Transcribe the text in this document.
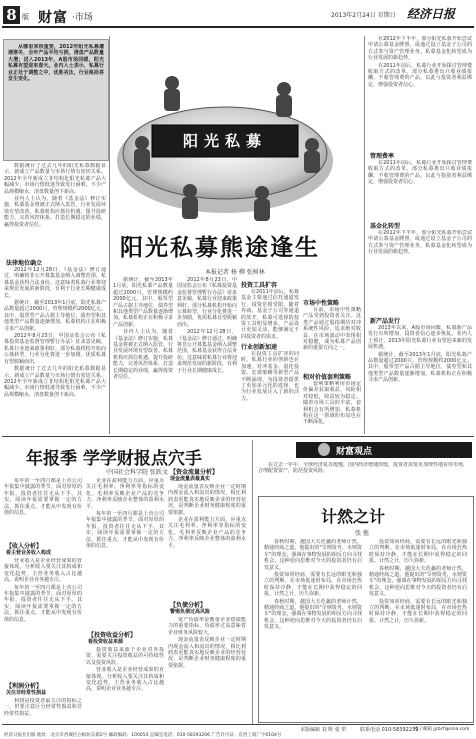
8 版 财富 ·市场	2013年2月24日 星期日 经济日报
从哪里来很重要，2012年阳光私募遭遇寒冬，全年产品平均亏损，清盘产品数量大增；进入2013年，A股市场回暖，阳光私募有望迎来春天。业内人士表示，私募行业正处于调整之中，优胜劣汰，行业格局将发生变化。

数据统计了过去几年的阳光私募数据显示，新成立产品数量与市场行情有密切关系。2012年全年新成立非结构化阳光私募产品大幅减少，市场行情低迷导致发行困难，不少产品规模缩水，清盘数量创下新高。

业内人士认为，随着《基金法》修订实施，私募基金将被正式纳入监管，行业发展环境有望改善。私募机构应抓住机遇，提升投研能力，完善风控体系，打造长期稳定的业绩，赢得投资者信任。

法律地位确立

2012年12月28日，《基金法》修订通过，明确将非公开募集基金纳入调整范围，私募基金获得合法身份。这意味着私募行业将迎来规范发展的新阶段，有利于行业长期健康成长。

据统计，截至2013年1月底，阳光私募产品数量超过2000只，管理规模约2000亿元。其中，股票型产品占据主导地位，债券型和其他类型产品数量逐渐增加。私募机构正在积极寻求产品创新。

2012年8月23日，中国证监会公布《私募投资基金监督管理暂行办法》征求意见稿，私募行业迎来政策利好。部分私募机构开始向公募转型，行业分化将进一步加剧，优质私募有望脱颖而出。

数据统计了过去几年的阳光私募数据显示，新成立产品数量与市场行情有密切关系。2012年全年新成立非结构化阳光私募产品大幅减少，市场行情低迷导致发行困难，不少产品规模缩水，清盘数量创下新高。

阳光私募
阳光私募熊途逢生
本报记者 杨 柳 张树林

据统计，截至2013年1月底，阳光私募产品数量超过2000只，管理规模约2000亿元。其中，股票型产品占据主导地位，债券型和其他类型产品数量逐渐增加。私募机构正在积极寻求产品创新。

业内人士认为，随着《基金法》修订实施，私募基金将被正式纳入监管，行业发展环境有望改善。私募机构应抓住机遇，提升投研能力，完善风控体系，打造长期稳定的业绩，赢得投资者信任。

2012年8月23日，中国证监会公布《私募投资基金监督管理暂行办法》征求意见稿，私募行业迎来政策利好。部分私募机构开始向公募转型，行业分化将进一步加剧，优质私募有望脱颖而出。

2012年12月28日，《基金法》修订通过，明确将非公开募集基金纳入调整范围，私募基金获得合法身份。这意味着私募行业将迎来规范发展的新阶段，有利于行业长期健康成长。

投资工具扩容

在2011年前后，私募基金主要通过信托通道发行，投资范围受限。随着券商、基金子公司等通道的放开，私募可选择的投资工具明显增多，产品设计更加灵活，能够满足不同投资者的需求。

行业创新加速

在投资工具扩容的同时，私募行业的创新也在加速。对冲基金、量化投资、宏观策略等新型产品不断涌现，为投资者提供了更加多元化的选择，也为行业发展注入了新的活力。

市场中性策略

目前，市场中性策略产品受到投资者关注。这类产品通过股指期货对冲系统性风险，追求绝对收益，在市场波动中表现相对稳健，成为私募产品创新的重要方向之一。

相对价值套利策略

套利策略利用市场定价偏差获取收益，风险相对较低，收益较为稳定。随着市场工具的丰富，套利机会有所增加，私募机构在这一领域的布局也在不断深化。

在2012年下半年，部分阳光私募开始尝试申请公募基金牌照，或通过设立基金子公司的方式参与资产管理业务，私募基金化转型成为行业发展的新趋势。

在2011年前后，私募行业开始探讨管理费收取方式的改革。部分私募推出只收业绩报酬、不收管理费的产品，以此与投资者利益绑定，增强投资者信心。

管理费率

在2011年前后，私募行业开始探讨管理费收取方式的改革。部分私募推出只收业绩报酬、不收管理费的产品，以此与投资者利益绑定，增强投资者信心。

基金化转型

在2012年下半年，部分阳光私募开始尝试申请公募基金牌照，或通过设立基金子公司的方式参与资产管理业务，私募基金化转型成为行业发展的新趋势。

新产品发行

2013年以来，A股市场回暖，私募新产品发行有所增加，投资者信心逐步恢复。业内人士预计，2013年阳光私募行业有望迎来新的发展机遇。

据统计，截至2013年1月底，阳光私募产品数量超过2000只，管理规模约2000亿元。其中，股票型产品占据主导地位，债券型和其他类型产品数量逐渐增加。私募机构正在积极寻求产品创新。

年报季 学学财报点穴手
中国社会科学院 张跃文

每年的一至四月都是上市公司年报集中披露的季节。面对厚厚的年报，投资者往往无从下手。其实，阅读年报需要掌握一定的方法，抓住重点，才能从中发现有价值的信息。

【收入分析】
看主营业务收入构成

营业收入是企业经营成果的直接体现。分析收入要关注其构成和变化趋势，主营业务收入占比越高，说明企业业务越专注。

每年的一至四月都是上市公司年报集中披露的季节。面对厚厚的年报，投资者往往无从下手。其实，阅读年报需要掌握一定的方法，抓住重点，才能从中发现有价值的信息。

【利润分析】
关注非经常性损益

利润是投资者最关注的指标之一，但要注意区分经常性损益和非经常性损益。

企业在盈利能力方面，应重点关注毛利率、净利率等指标的变化。毛利率反映企业产品的竞争力，净利率反映企业整体的盈利水平。

每年的一至四月都是上市公司年报集中披露的季节。面对厚厚的年报，投资者往往无从下手。其实，阅读年报需要掌握一定的方法，抓住重点，才能从中发现有价值的信息。

【投资收益分析】
看投资收益来源

投资收益来源于企业对外投资，需要关注投资收益的可持续性以及投资风险。

营业收入是企业经营成果的直接体现。分析收入要关注其构成和变化趋势，主营业务收入占比越高，说明企业业务越专注。

【资金流量分析】
现金流量表最真实

现金流量表反映企业一定时期内现金流入和流出的情况，相比利润表更能真实地反映企业的经营状况，是判断企业财务健康程度的重要依据。

企业在盈利能力方面，应重点关注毛利率、净利率等指标的变化。毛利率反映企业产品的竞争力，净利率反映企业整体的盈利水平。

【负债分析】
警惕负债过高风险

资产负债率是衡量企业偿债能力的重要指标，负债率过高意味着企业财务风险较大。

现金流量表反映企业一定时期内现金流入和流出的情况，相比利润表更能真实地反映企业的经营状况，是判断企业财务健康程度的重要依据。

财富观点
在过去一年中，全球经济复苏缓慢，国内经济增速放缓，投资者需要更加理性地看待市场，合理配置资产，防范投资风险。
计然之计
张 弛

春秋时期，越国大夫范蠡的老师计然，精通经商之道。他提出的"旱则资舟，水则资车"的理念，强调在事物发展的相反方向寻找机会，这种逆向思维对今天的投资者仍有启发意义。

投资如同经商，需要有长远的眼光和独立的判断。在市场低迷时布局，在市场狂热时保持冷静，才能在长期中获得稳定的回报。计然之计，历久弥新。

春秋时期，越国大夫范蠡的老师计然，精通经商之道。他提出的"旱则资舟，水则资车"的理念，强调在事物发展的相反方向寻找机会，这种逆向思维对今天的投资者仍有启发意义。

投资如同经商，需要有长远的眼光和独立的判断。在市场低迷时布局，在市场狂热时保持冷静，才能在长期中获得稳定的回报。计然之计，历久弥新。

春秋时期，越国大夫范蠡的老师计然，精通经商之道。他提出的"旱则资舟，水则资车"的理念，强调在事物发展的相反方向寻找机会，这种逆向思维对今天的投资者仍有启发意义。

投资如同经商，需要有长远的眼光和独立的判断。在市场低迷时布局，在市场狂热时保持冷静，才能在长期中获得稳定的回报。计然之计，历久弥新。

本版编辑 刘 辉 张 犁	联系电话 010-58392239
电子邮箱 jjrbcf@sina.com
经济日报社出版 地址：北京市西城区白纸坊东街2号 邮政编码：100054 总编室电话：010-58393206 广告许可证：京西工商广字0104号
